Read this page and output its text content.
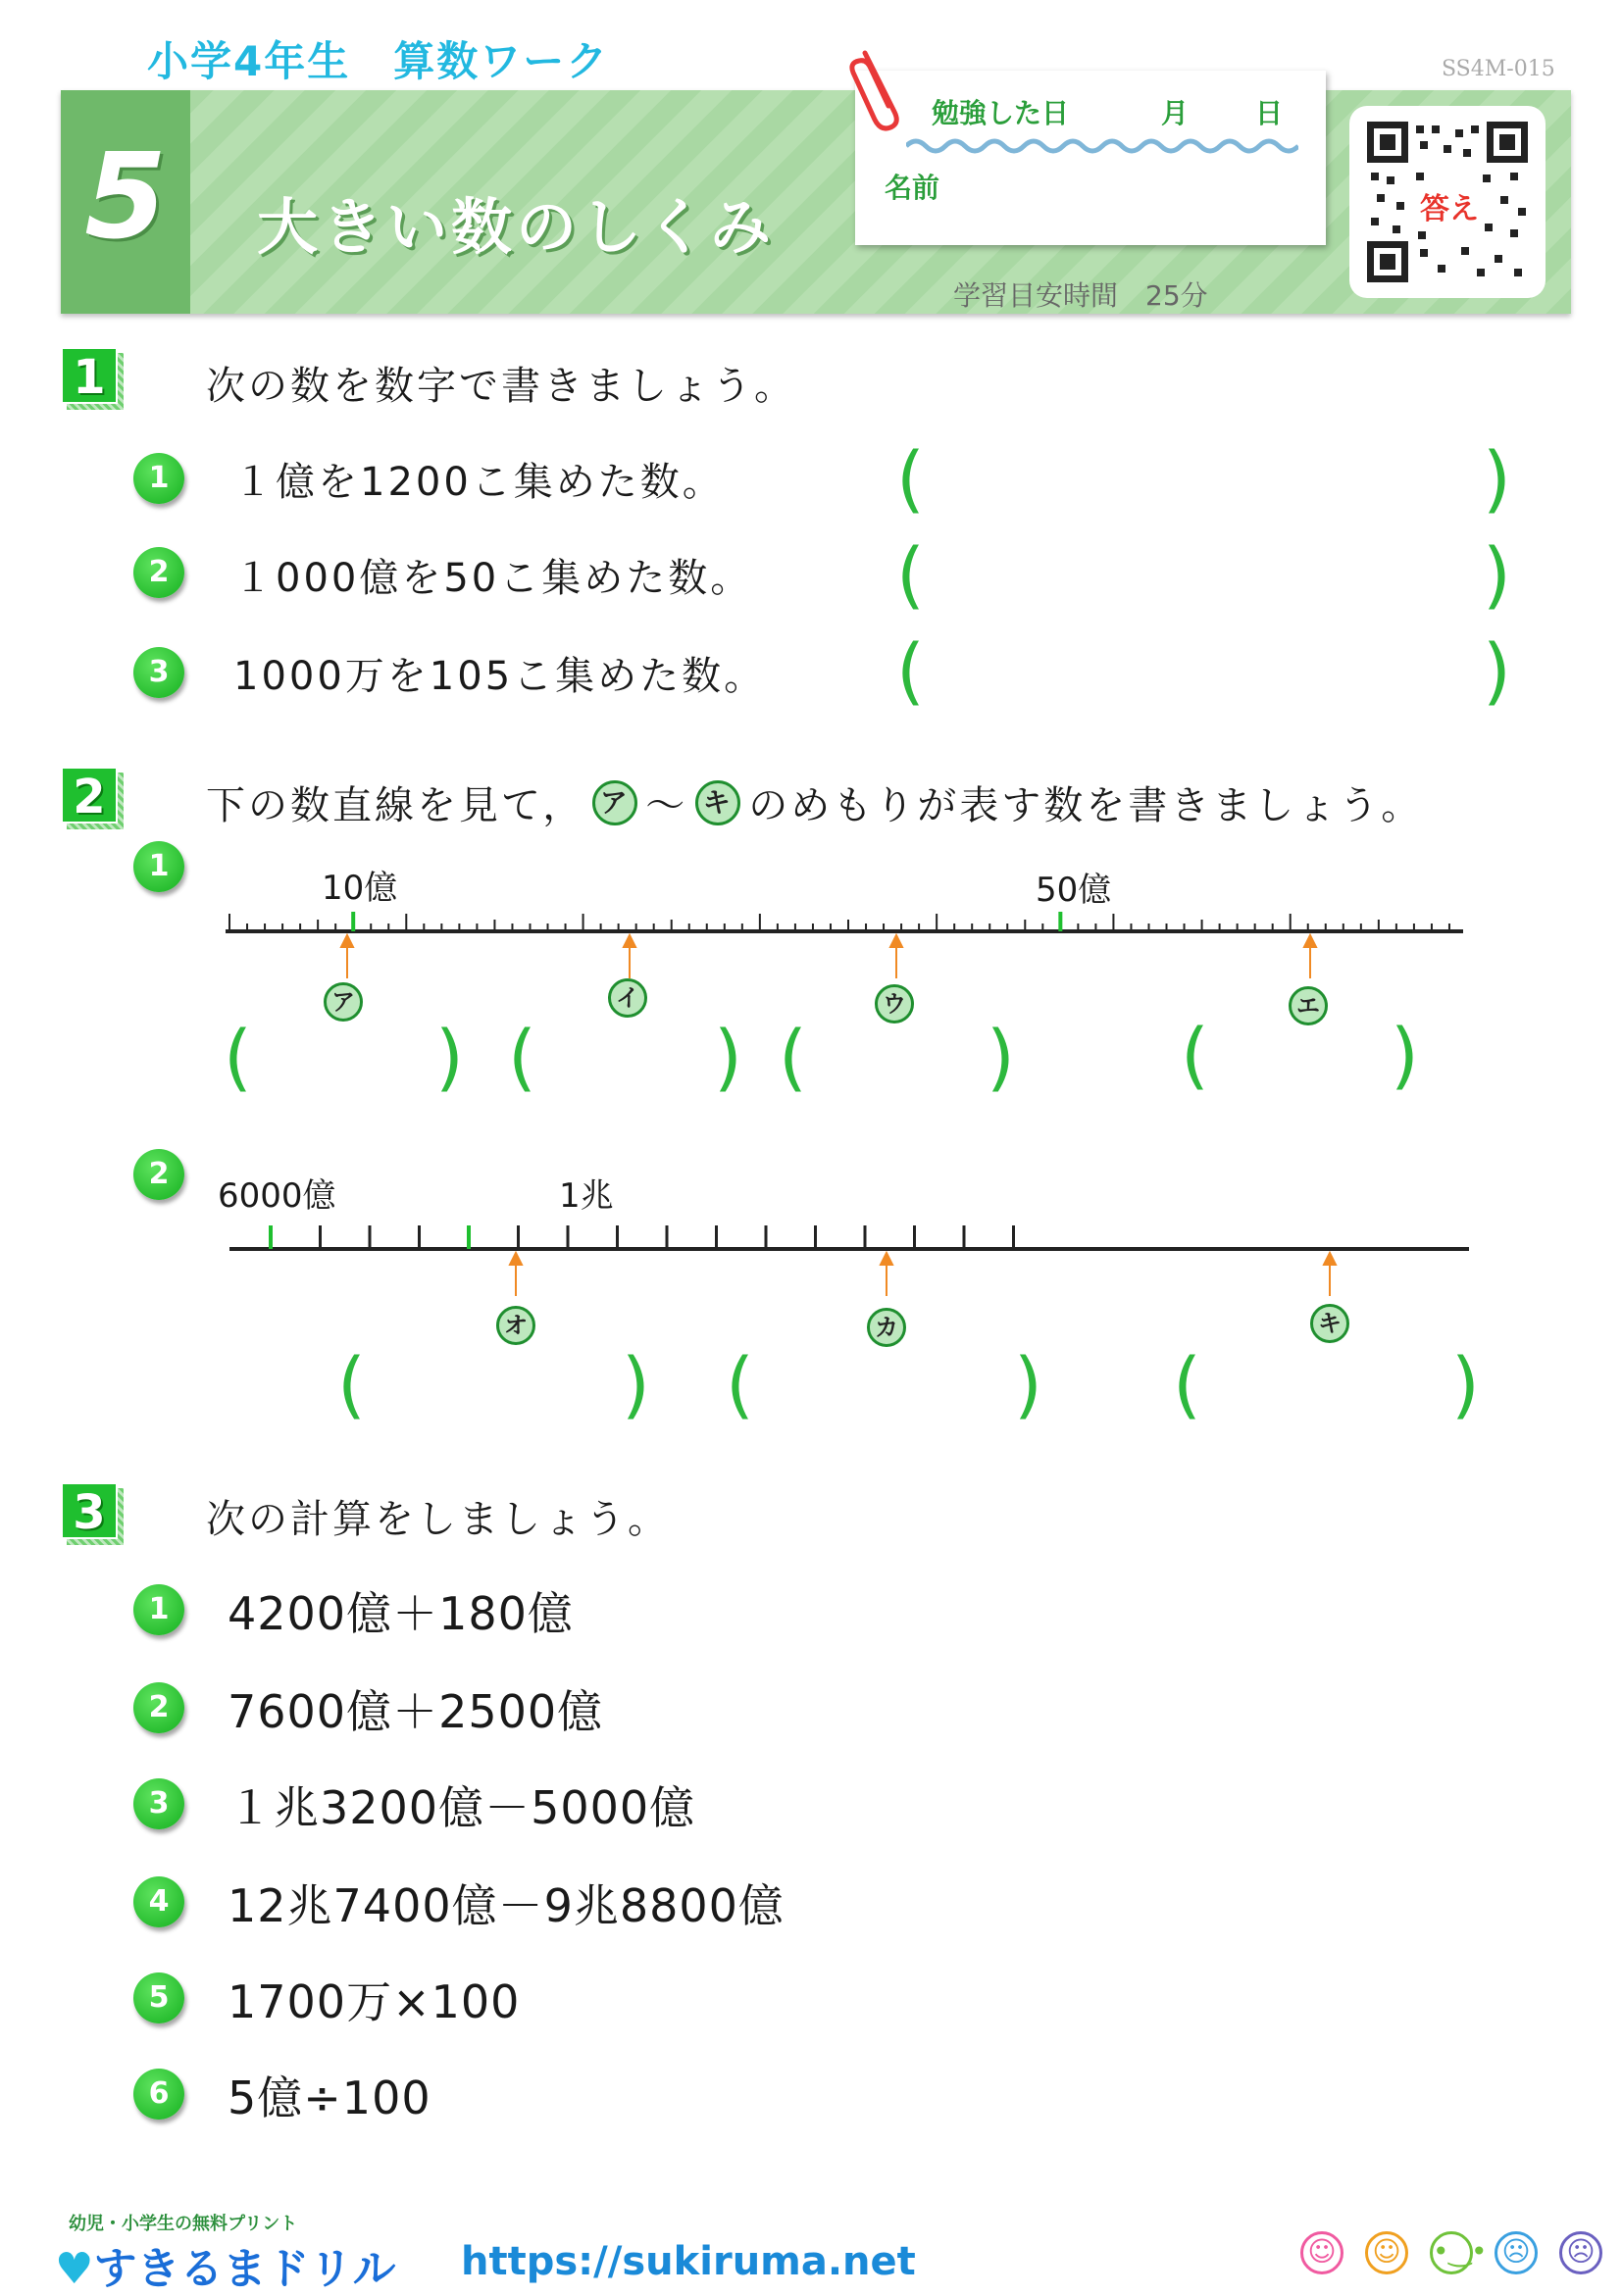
小学4年生　算数ワーク	SS4M-015
5	大きい数のしくみ
勉強した日	月 日
名前
学習目安時間　25分
答え
1	次の数を数字で書きましょう。
1	１億を1200こ集めた数。 (	)
2	１000億を50こ集めた数。 (	)
3	1000万を105こ集めた数。 (	)
2	下の数直線を見て， ア ～ キ のめもりが表す数を書きましょう。
1
10億	50億
ア	イ	ウ	エ
(	) ( ) ( ) (	)
2
6000億	1兆
オ	カ	キ
(	) (	) (	)
3	次の計算をしましょう。
1	4200億＋180億
2	7600億＋2500億
3	１兆3200億－5000億
4	12兆7400億－9兆8800億
5	1700万×100
6	5億÷100
幼児・小学生の無料プリント
♥すきるまドリル https://sukiruma.net	☺ ☺ •‿• ☹ ☹
